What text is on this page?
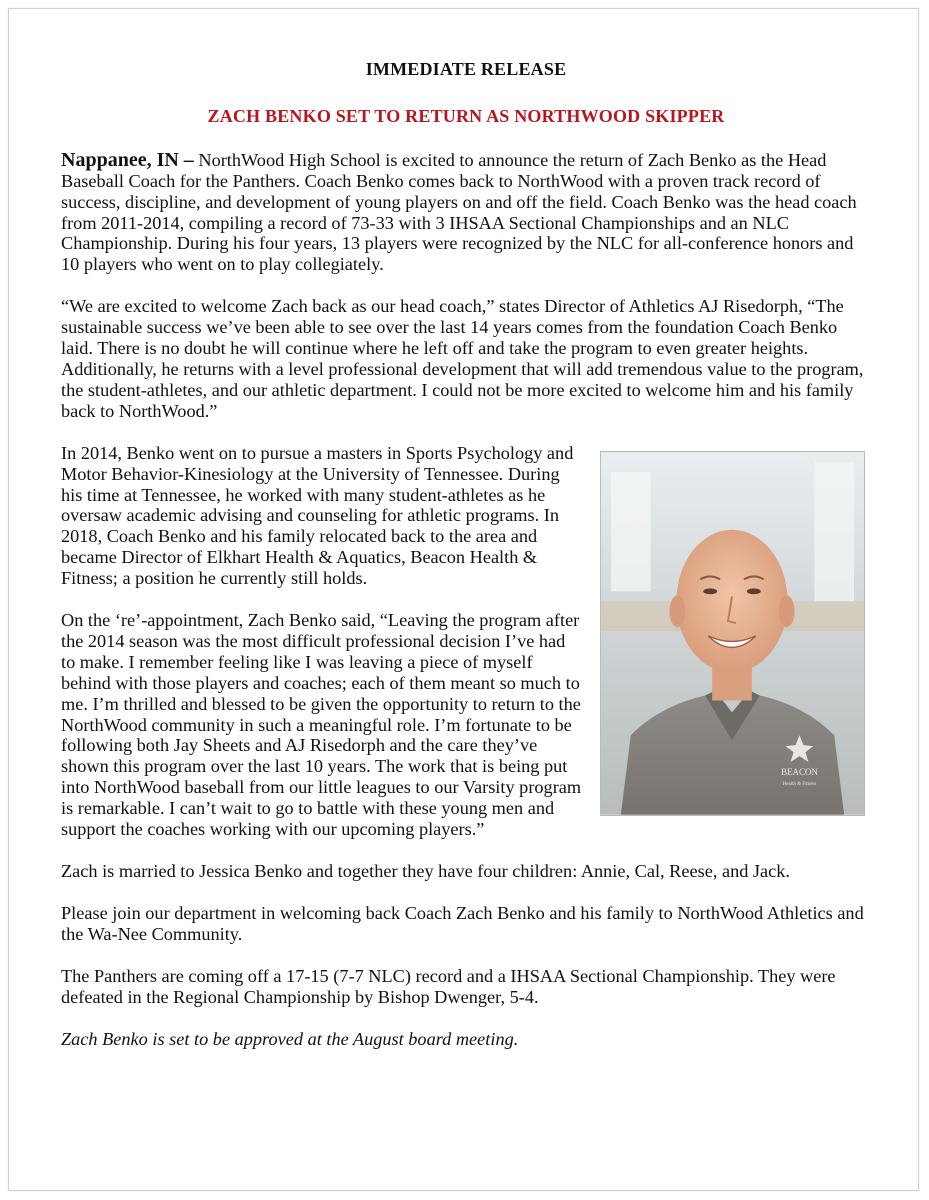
IMMEDIATE RELEASE
ZACH BENKO SET TO RETURN AS NORTHWOOD SKIPPER

Nappanee, IN – NorthWood High School is excited to announce the return of Zach Benko as the Head Baseball Coach for the Panthers. Coach Benko comes back to NorthWood with a proven track record of success, discipline, and development of young players on and off the field. Coach Benko was the head coach from 2011-2014, compiling a record of 73-33 with 3 IHSAA Sectional Championships and an NLC Championship. During his four years, 13 players were recognized by the NLC for all-conference honors and 10 players who went on to play collegiately.

“We are excited to welcome Zach back as our head coach,” states Director of Athletics AJ Risedorph, “The sustainable success we’ve been able to see over the last 14 years comes from the foundation Coach Benko laid. There is no doubt he will continue where he left off and take the program to even greater heights. Additionally, he returns with a level professional development that will add tremendous value to the program, the student-athletes, and our athletic department. I could not be more excited to welcome him and his family back to NorthWood.”

BEACON
Health & Fitness

In 2014, Benko went on to pursue a masters in Sports Psychology and Motor Behavior-Kinesiology at the University of Tennessee. During his time at Tennessee, he worked with many student-athletes as he oversaw academic advising and counseling for athletic programs. In 2018, Coach Benko and his family relocated back to the area and became Director of Elkhart Health & Aquatics, Beacon Health & Fitness; a position he currently still holds.

On the ‘re’-appointment, Zach Benko said, “Leaving the program after the 2014 season was the most difficult professional decision I’ve had to make. I remember feeling like I was leaving a piece of myself behind with those players and coaches; each of them meant so much to me. I’m thrilled and blessed to be given the opportunity to return to the NorthWood community in such a meaningful role. I’m fortunate to be following both Jay Sheets and AJ Risedorph and the care they’ve shown this program over the last 10 years. The work that is being put into NorthWood baseball from our little leagues to our Varsity program is remarkable. I can’t wait to go to battle with these young men and support the coaches working with our upcoming players.”

Zach is married to Jessica Benko and together they have four children: Annie, Cal, Reese, and Jack.

Please join our department in welcoming back Coach Zach Benko and his family to NorthWood Athletics and the Wa-Nee Community.

The Panthers are coming off a 17-15 (7-7 NLC) record and a IHSAA Sectional Championship. They were defeated in the Regional Championship by Bishop Dwenger, 5-4.

Zach Benko is set to be approved at the August board meeting.
